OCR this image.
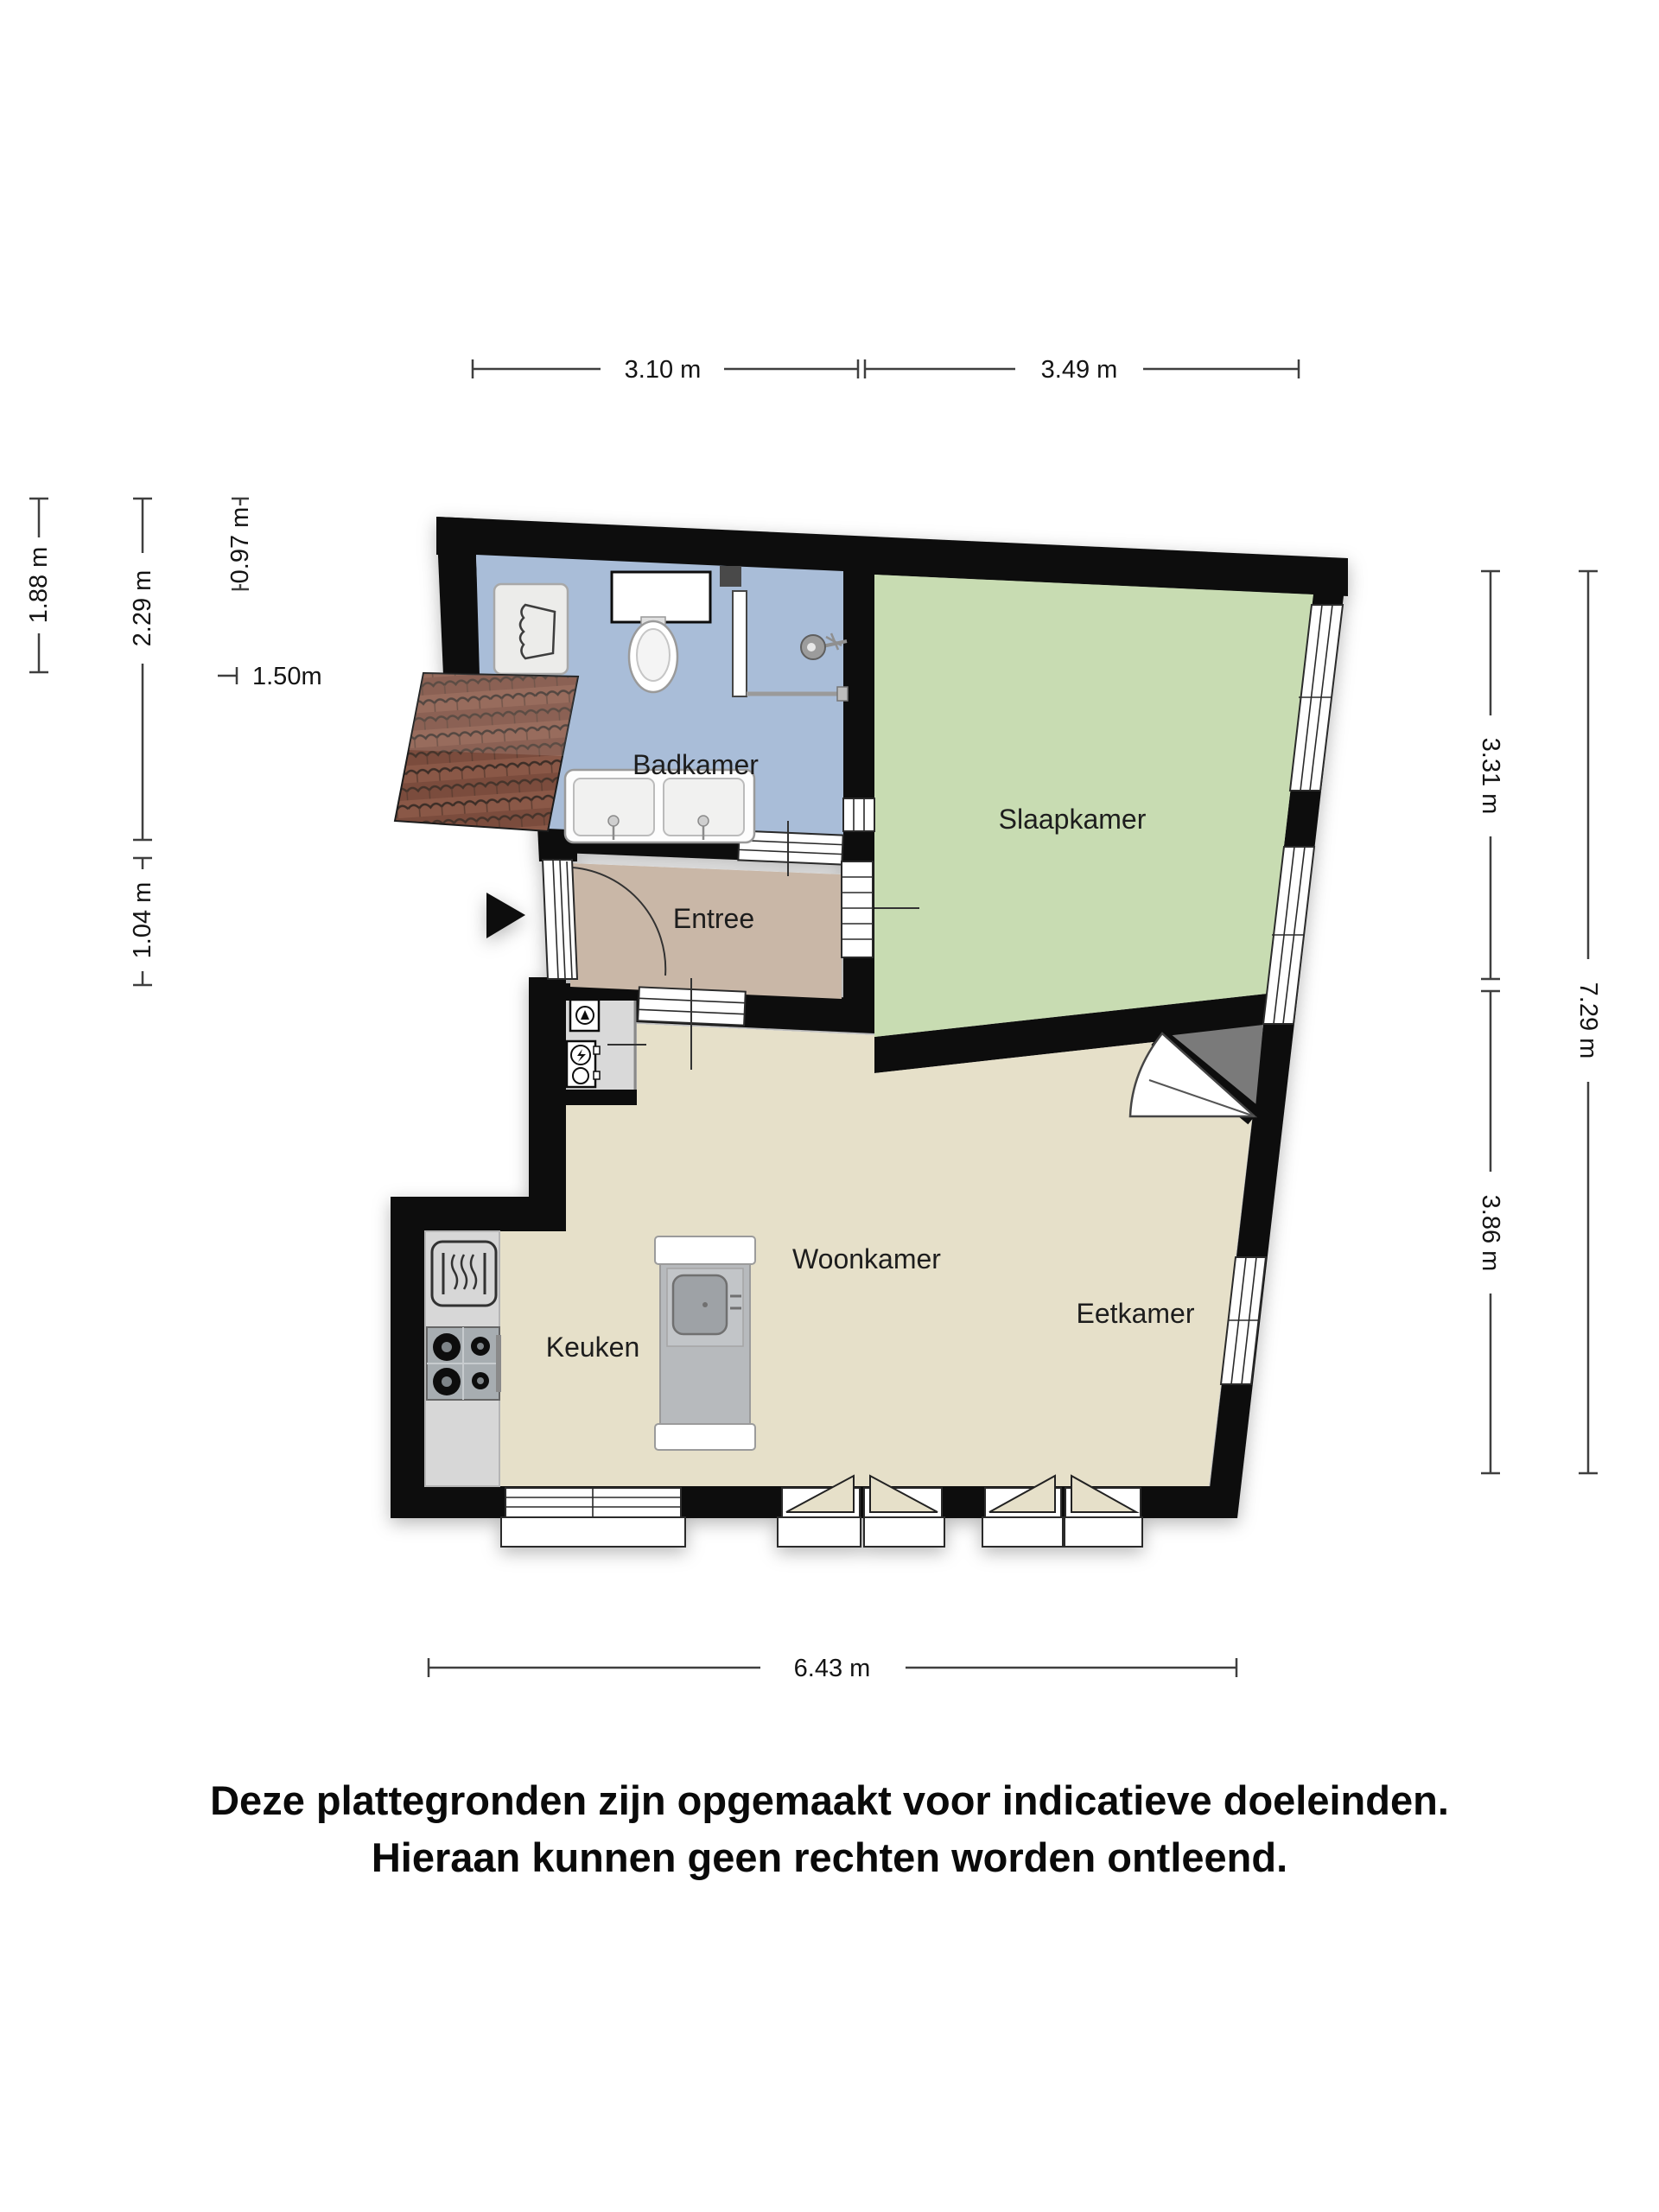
3.10 m	3.49 m
6.43 m
1.88 m	2.29 m
0.97 m
1.04 m
1.50m
3.31 m
3.86 m
7.29 m
Badkamer
Slaapkamer
Entree
Woonkamer
Eetkamer
Keuken
Deze plattegronden zijn opgemaakt voor indicatieve doeleinden.
Hieraan kunnen geen rechten worden ontleend.
